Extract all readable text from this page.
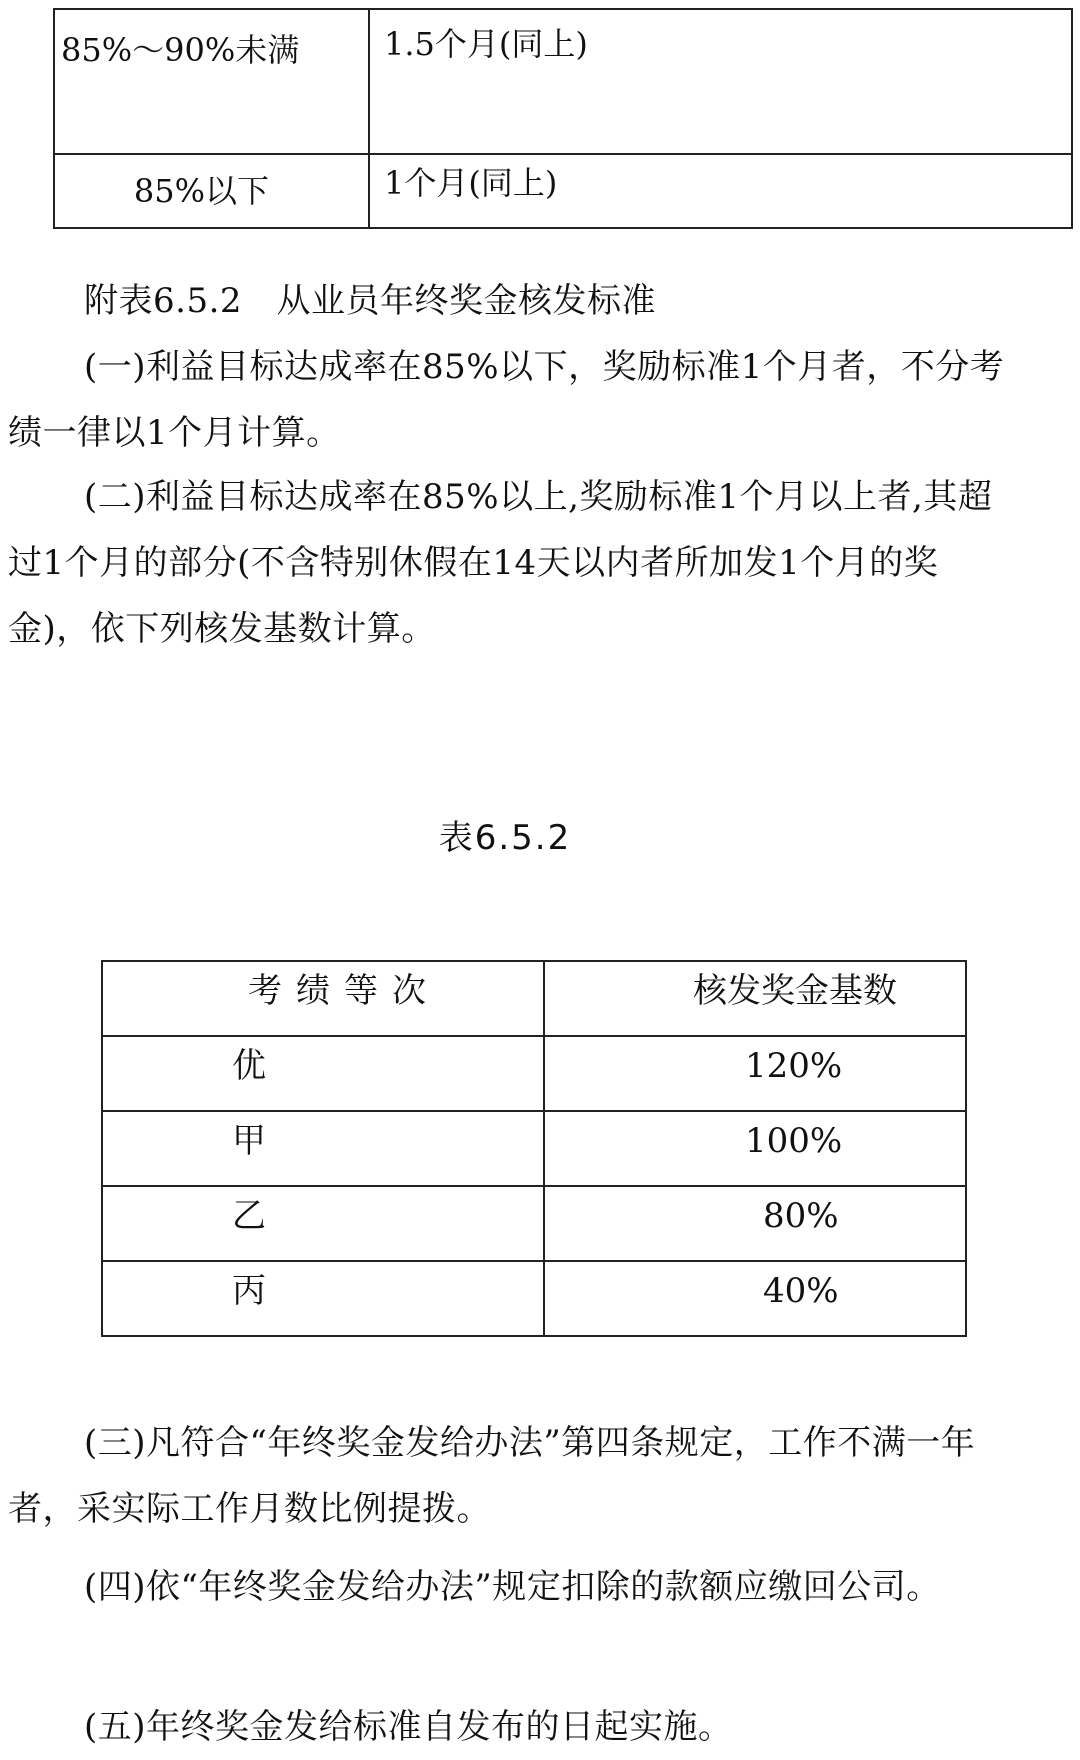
85%～90%未满	1.5个月(同上)

85%以下	1个月(同上)
附表6.5.2　从业员年终奖金核发标准
(一)利益目标达成率在85%以下，奖励标准1个月者，不分考绩一律以1个月计算。
(二)利益目标达成率在85%以上,奖励标准1个月以上者,其超过1个月的部分(不含特别休假在14天以内者所加发1个月的奖金)，依下列核发基数计算。
表6.5.2
考绩等次	核发奖金基数

优	120%

甲	100%

乙	80%

丙	40%
(三)凡符合“年终奖金发给办法”第四条规定，工作不满一年者，采实际工作月数比例提拨。
(四)依“年终奖金发给办法”规定扣除的款额应缴回公司。
(五)年终奖金发给标准自发布的日起实施。
